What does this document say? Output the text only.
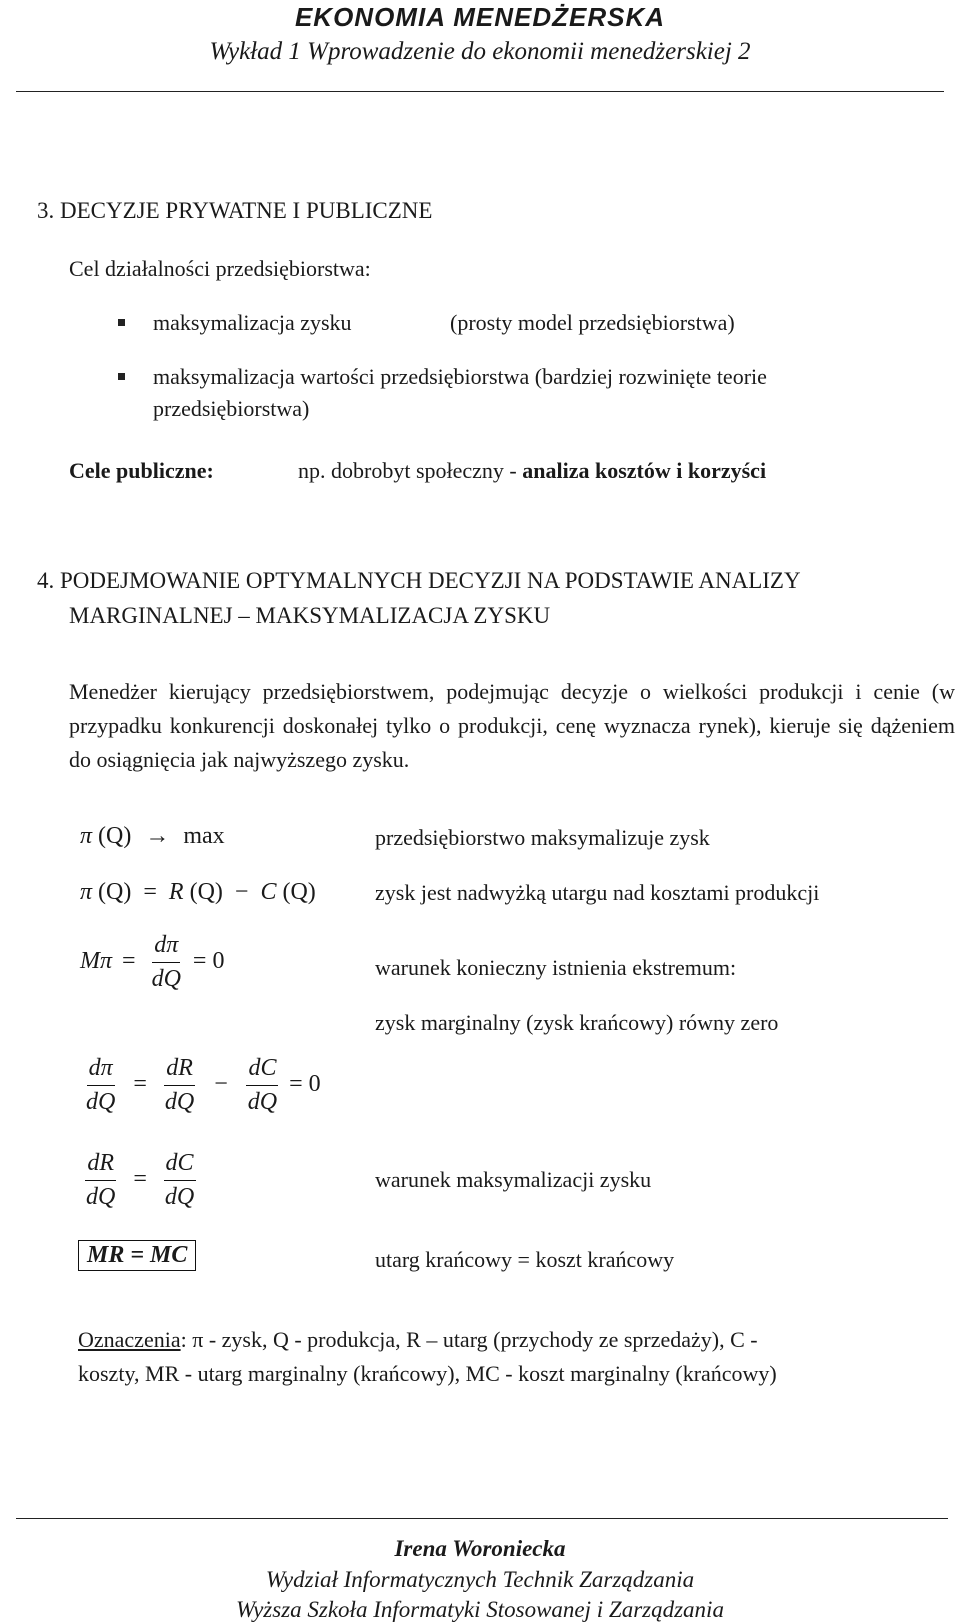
EKONOMIA MENEDŻERSKA
Wykład 1 Wprowadzenie do ekonomii menedżerskiej 2
3. DECYZJE PRYWATNE I PUBLICZNE
Cel działalności przedsiębiorstwa:
maksymalizacja zysku	(prosty model przedsiębiorstwa)
maksymalizacja wartości przedsiębiorstwa (bardziej rozwinięte teorie
przedsiębiorstwa)
Cele publiczne:	np. dobrobyt społeczny - analiza kosztów i korzyści
4. PODEJMOWANIE OPTYMALNYCH DECYZJI NA PODSTAWIE ANALIZY
MARGINALNEJ – MAKSYMALIZACJA ZYSKU
Menedżer kierujący przedsiębiorstwem, podejmując decyzje o wielkości produkcji i cenie (w przypadku konkurencji doskonałej tylko o produkcji, cenę wyznacza rynek), kieruje się dążeniem do osiągnięcia jak najwyższego zysku.
π (Q) → max	przedsiębiorstwo maksymalizuje zysk
π (Q) = R (Q) − C (Q)	zysk jest nadwyżką utargu nad kosztami produkcji
$M\pi = \frac{d\pi}{dQ} = 0$	warunek konieczny istnienia ekstremum:
zysk marginalny (zysk krańcowy) równy zero
$\frac{d\pi}{dQ} = \frac{dR}{dQ} - \frac{dC}{dQ} = 0$
$\frac{dR}{dQ} = \frac{dC}{dQ}$	warunek maksymalizacji zysku
MR = MC	utarg krańcowy = koszt krańcowy
Oznaczenia: π - zysk, Q - produkcja, R – utarg (przychody ze sprzedaży), C -
koszty, MR - utarg marginalny (krańcowy), MC - koszt marginalny (krańcowy)
Irena Woroniecka
Wydział Informatycznych Technik Zarządzania
Wyższa Szkoła Informatyki Stosowanej i Zarządzania
